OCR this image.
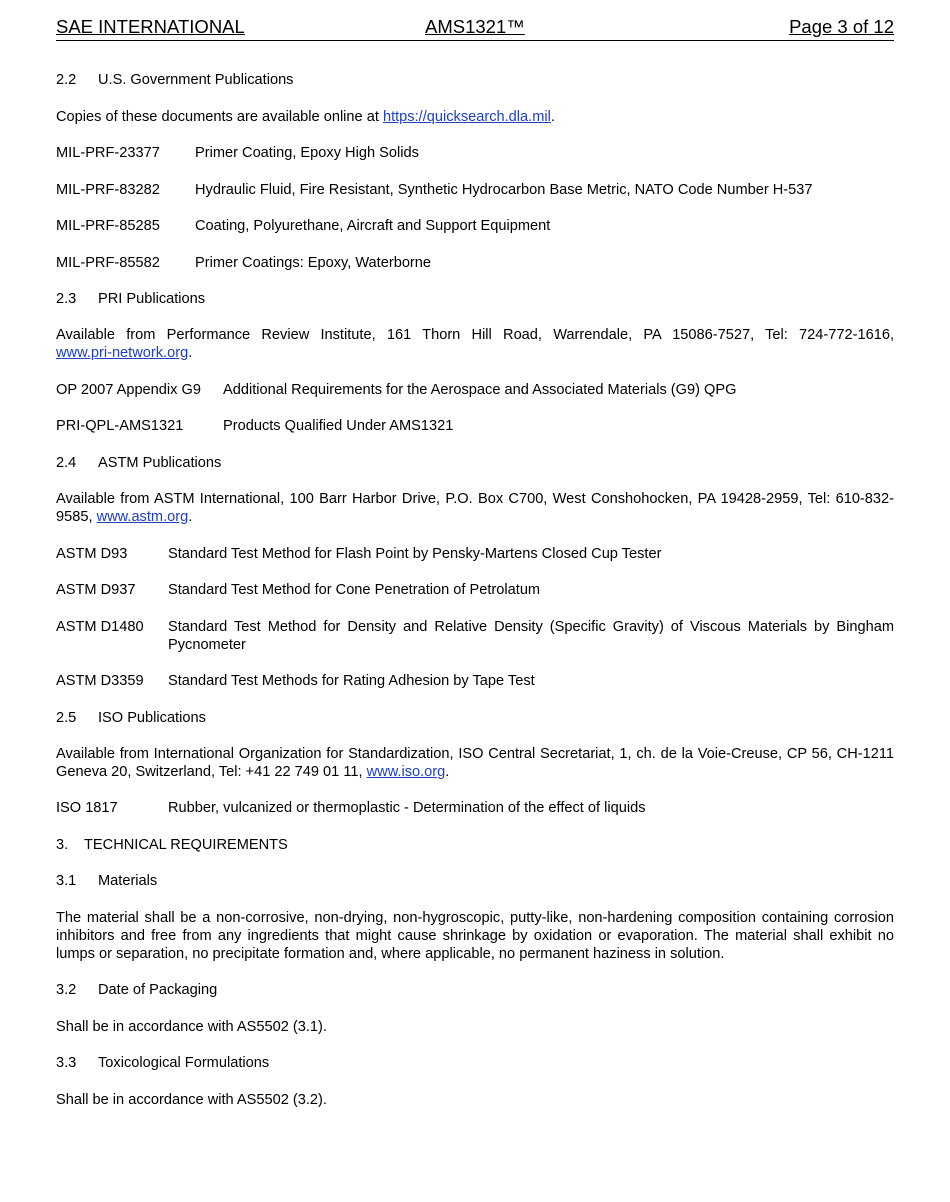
SAE INTERNATIONAL	AMS1321™	Page 3 of 12
2.2 U.S. Government Publications
Copies of these documents are available online at https://quicksearch.dla.mil.
MIL-PRF-23377 Primer Coating, Epoxy High Solids
MIL-PRF-83282 Hydraulic Fluid, Fire Resistant, Synthetic Hydrocarbon Base Metric, NATO Code Number H-537
MIL-PRF-85285 Coating, Polyurethane, Aircraft and Support Equipment
MIL-PRF-85582 Primer Coatings: Epoxy, Waterborne
2.3 PRI Publications
Available from Performance Review Institute, 161 Thorn Hill Road, Warrendale, PA 15086-7527, Tel: 724-772-1616,
www.pri-network.org.
OP 2007 Appendix G9 Additional Requirements for the Aerospace and Associated Materials (G9) QPG
PRI-QPL-AMS1321	Products Qualified Under AMS1321
2.4 ASTM Publications
Available from ASTM International, 100 Barr Harbor Drive, P.O. Box C700, West Conshohocken, PA 19428-2959, Tel: 610-832-9585, www.astm.org.
ASTM D93	Standard Test Method for Flash Point by Pensky-Martens Closed Cup Tester
ASTM D937 Standard Test Method for Cone Penetration of Petrolatum
ASTM D1480 Standard Test Method for Density and Relative Density (Specific Gravity) of Viscous Materials by Bingham Pycnometer
ASTM D3359 Standard Test Methods for Rating Adhesion by Tape Test
2.5 ISO Publications
Available from International Organization for Standardization, ISO Central Secretariat, 1, ch. de la Voie-Creuse, CP 56, CH-1211 Geneva 20, Switzerland, Tel: +41 22 749 01 11, www.iso.org.
ISO 1817	Rubber, vulcanized or thermoplastic - Determination of the effect of liquids
3. TECHNICAL REQUIREMENTS
3.1 Materials
The material shall be a non-corrosive, non-drying, non-hygroscopic, putty-like, non-hardening composition containing corrosion inhibitors and free from any ingredients that might cause shrinkage by oxidation or evaporation. The material shall exhibit no lumps or separation, no precipitate formation and, where applicable, no permanent haziness in solution.
3.2 Date of Packaging
Shall be in accordance with AS5502 (3.1).
3.3 Toxicological Formulations
Shall be in accordance with AS5502 (3.2).
